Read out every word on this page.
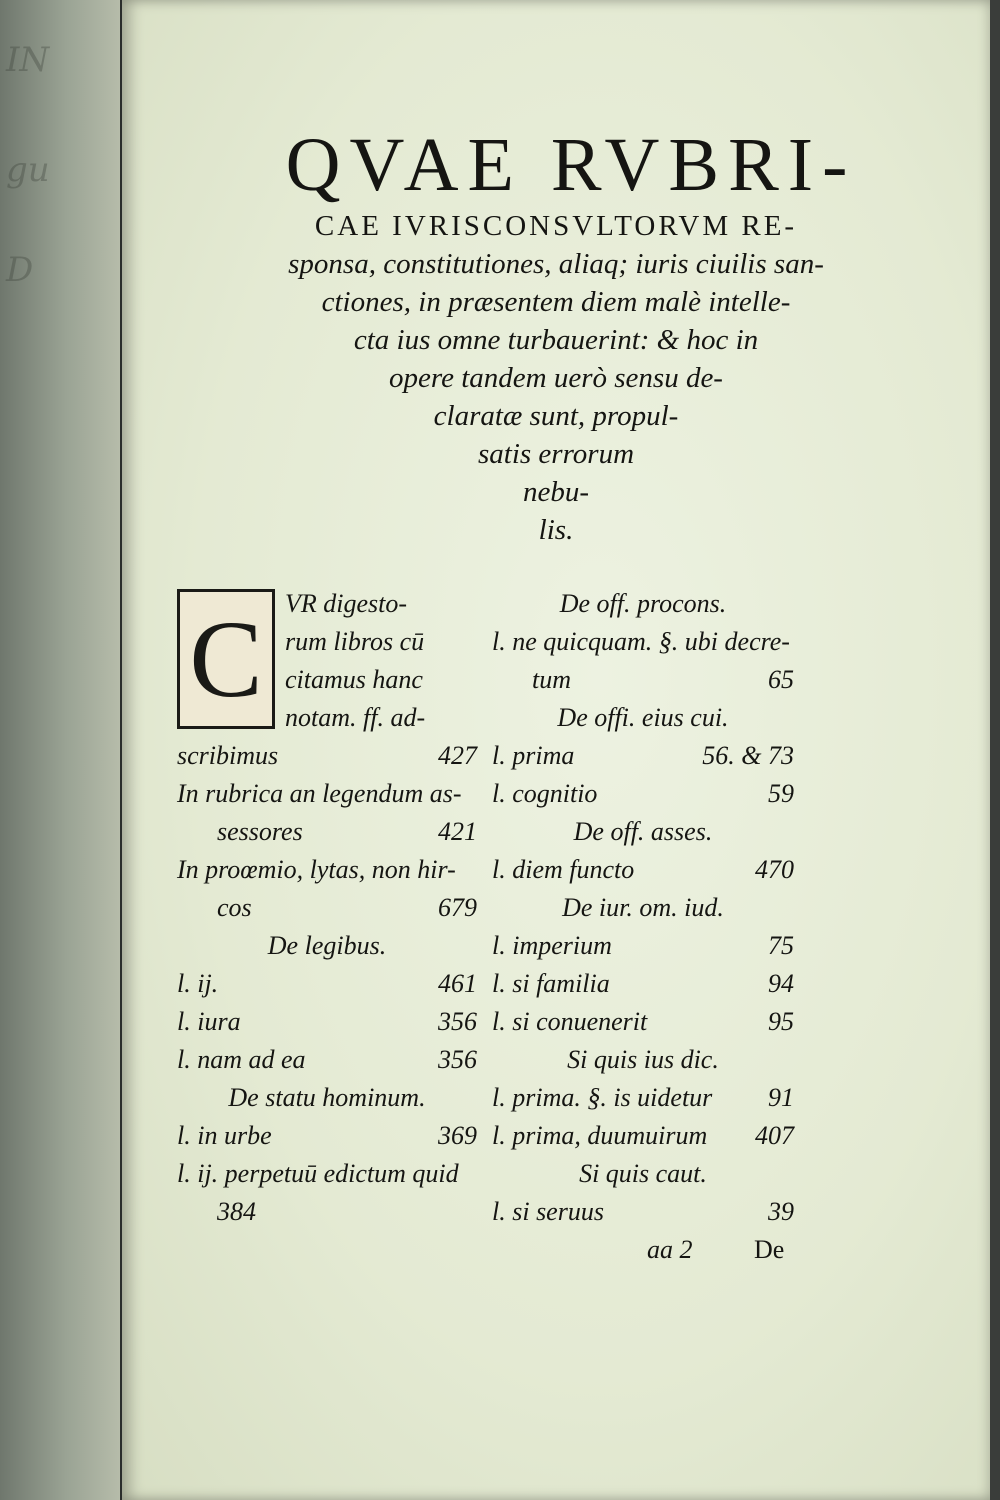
IN
gu
D
QVAE RVBRI-
CAE IVRISCONSVLTORVM RE-
sponsa, constitutiones, aliaq; iuris ciuilis san-
ctiones, in præsentem diem malè intelle-
cta ius omne turbauerint: & hoc in
opere tandem uerò sensu de-
claratæ sunt, propul-
satis errorum
nebu-
lis.
C VR digesto-
rum libros cū
citamus hanc
notam. ff. ad-
scribimus	427
In rubrica an legendum as-
sessores	421
In proœmio, lytas, non hir-
cos	679
De legibus.
l. ij.	461
l. iura	356
l. nam ad ea	356
De statu hominum.
l. in urbe	369
l. ij. perpetuū edictum quid
384
De off. procons.
l. ne quicquam. §. ubi decre-
tum	65
De offi. eius cui.
l. prima	56. & 73
l. cognitio	59
De off. asses.
l. diem functo	470
De iur. om. iud.
l. imperium	75
l. si familia	94
l. si conuenerit	95
Si quis ius dic.
l. prima. §. is uidetur 91
l. prima, duumuirum 407
Si quis caut.
l. si seruus	39
aa 2 De
